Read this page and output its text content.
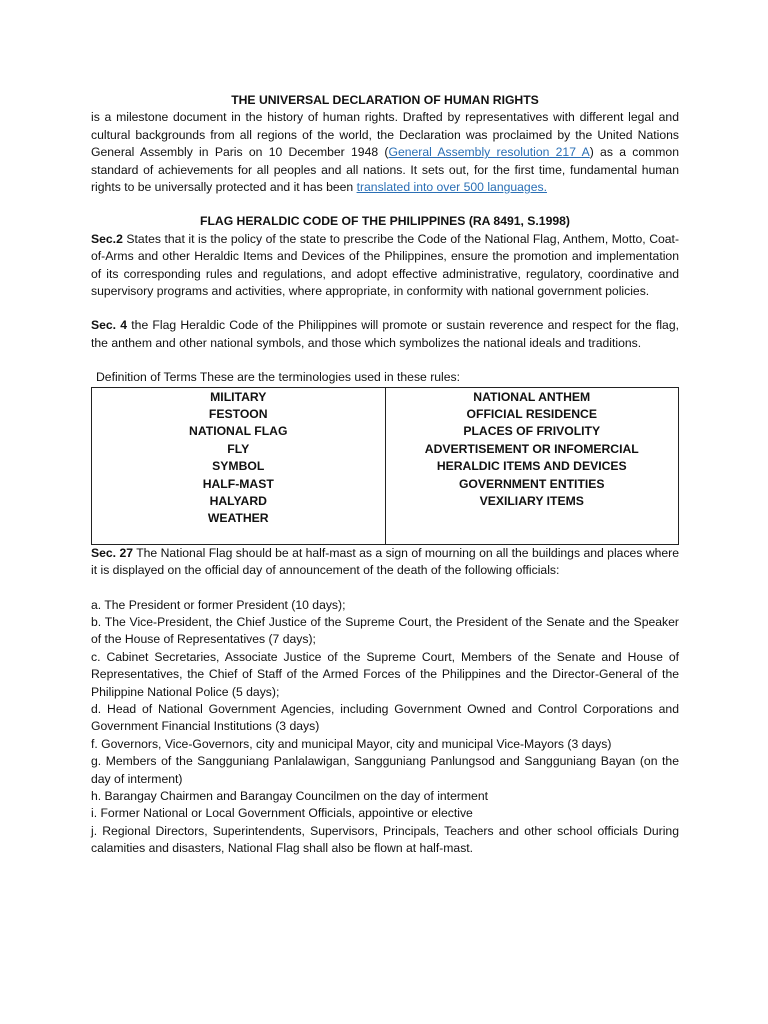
THE UNIVERSAL DECLARATION OF HUMAN RIGHTS

is a milestone document in the history of human rights. Drafted by representatives with different legal and cultural backgrounds from all regions of the world, the Declaration was proclaimed by the United Nations General Assembly in Paris on 10 December 1948 (General Assembly resolution 217 A) as a common standard of achievements for all peoples and all nations. It sets out, for the first time, fundamental human rights to be universally protected and it has been translated into over 500 languages.

FLAG HERALDIC CODE OF THE PHILIPPINES (RA 8491, S.1998)

Sec.2 States that it is the policy of the state to prescribe the Code of the National Flag, Anthem, Motto, Coat-of-Arms and other Heraldic Items and Devices of the Philippines, ensure the promotion and implementation of its corresponding rules and regulations, and adopt effective administrative, regulatory, coordinative and supervisory programs and activities, where appropriate, in conformity with national government policies.

Sec. 4 the Flag Heraldic Code of the Philippines will promote or sustain reverence and respect for the flag, the anthem and other national symbols, and those which symbolizes the national ideals and traditions.

Definition of Terms These are the terminologies used in these rules:
MILITARY
FESTOON
NATIONAL FLAG
FLY
SYMBOL
HALF-MAST
HALYARD
WEATHER

NATIONAL ANTHEM
OFFICIAL RESIDENCE
PLACES OF FRIVOLITY
ADVERTISEMENT OR INFOMERCIAL
HERALDIC ITEMS AND DEVICES
GOVERNMENT ENTITIES
VEXILIARY ITEMS

Sec. 27 The National Flag should be at half-mast as a sign of mourning on all the buildings and places where it is displayed on the official day of announcement of the death of the following officials:

a. The President or former President (10 days);

b. The Vice-President, the Chief Justice of the Supreme Court, the President of the Senate and the Speaker of the House of Representatives (7 days);

c. Cabinet Secretaries, Associate Justice of the Supreme Court, Members of the Senate and House of Representatives, the Chief of Staff of the Armed Forces of the Philippines and the Director-General of the Philippine National Police (5 days);

d. Head of National Government Agencies, including Government Owned and Control Corporations and Government Financial Institutions (3 days)

f. Governors, Vice-Governors, city and municipal Mayor, city and municipal Vice-Mayors (3 days)

g. Members of the Sangguniang Panlalawigan, Sangguniang Panlungsod and Sangguniang Bayan (on the day of interment)

h. Barangay Chairmen and Barangay Councilmen on the day of interment

i. Former National or Local Government Officials, appointive or elective

j. Regional Directors, Superintendents, Supervisors, Principals, Teachers and other school officials During calamities and disasters, National Flag shall also be flown at half-mast.
